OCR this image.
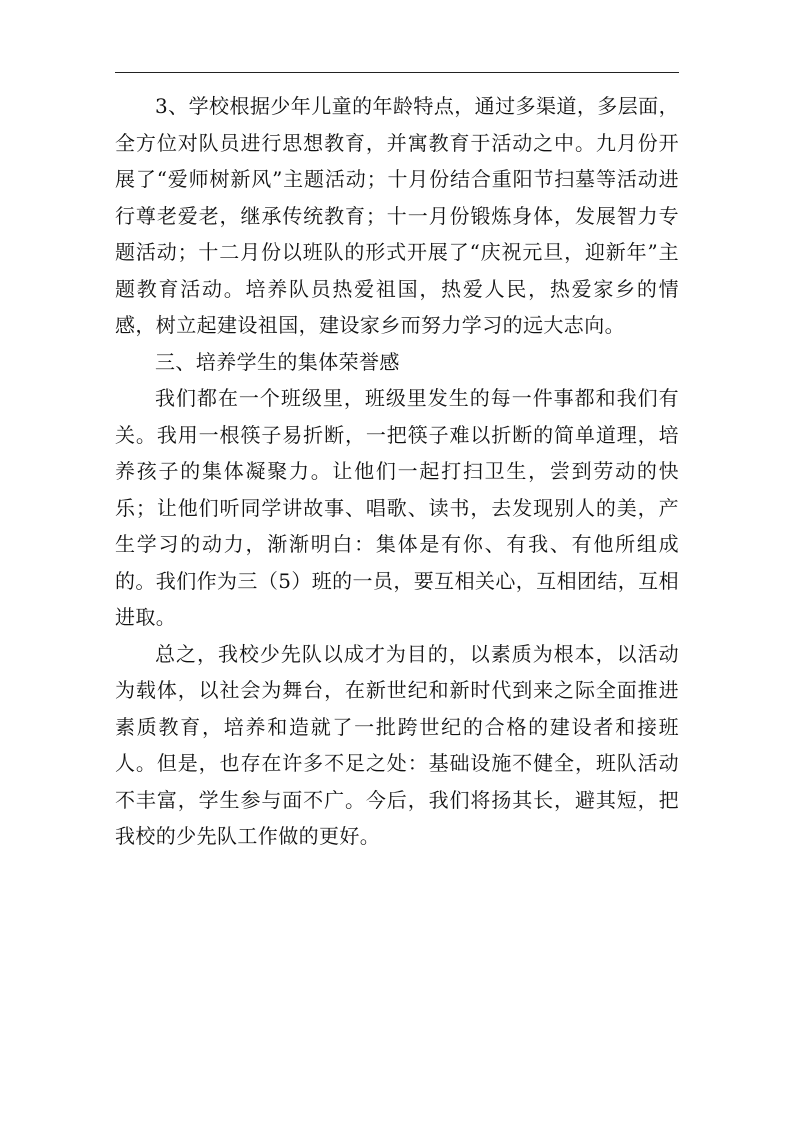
3、学校根据少年儿童的年龄特点，通过多渠道，多层面，全方位对队员进行思想教育，并寓教育于活动之中。九月份开展了“爱师树新风”主题活动；十月份结合重阳节扫墓等活动进行尊老爱老，继承传统教育；十一月份锻炼身体，发展智力专题活动；十二月份以班队的形式开展了“庆祝元旦，迎新年”主题教育活动。培养队员热爱祖国，热爱人民，热爱家乡的情感，树立起建设祖国，建设家乡而努力学习的远大志向。

三、培养学生的集体荣誉感

我们都在一个班级里，班级里发生的每一件事都和我们有关。我用一根筷子易折断，一把筷子难以折断的简单道理，培养孩子的集体凝聚力。让他们一起打扫卫生，尝到劳动的快乐；让他们听同学讲故事、唱歌、读书，去发现别人的美，产生学习的动力，渐渐明白：集体是有你、有我、有他所组成的。我们作为三（5）班的一员，要互相关心，互相团结，互相进取。

总之，我校少先队以成才为目的，以素质为根本，以活动为载体，以社会为舞台，在新世纪和新时代到来之际全面推进素质教育，培养和造就了一批跨世纪的合格的建设者和接班人。但是，也存在许多不足之处：基础设施不健全，班队活动不丰富，学生参与面不广。今后，我们将扬其长，避其短，把我校的少先队工作做的更好。
